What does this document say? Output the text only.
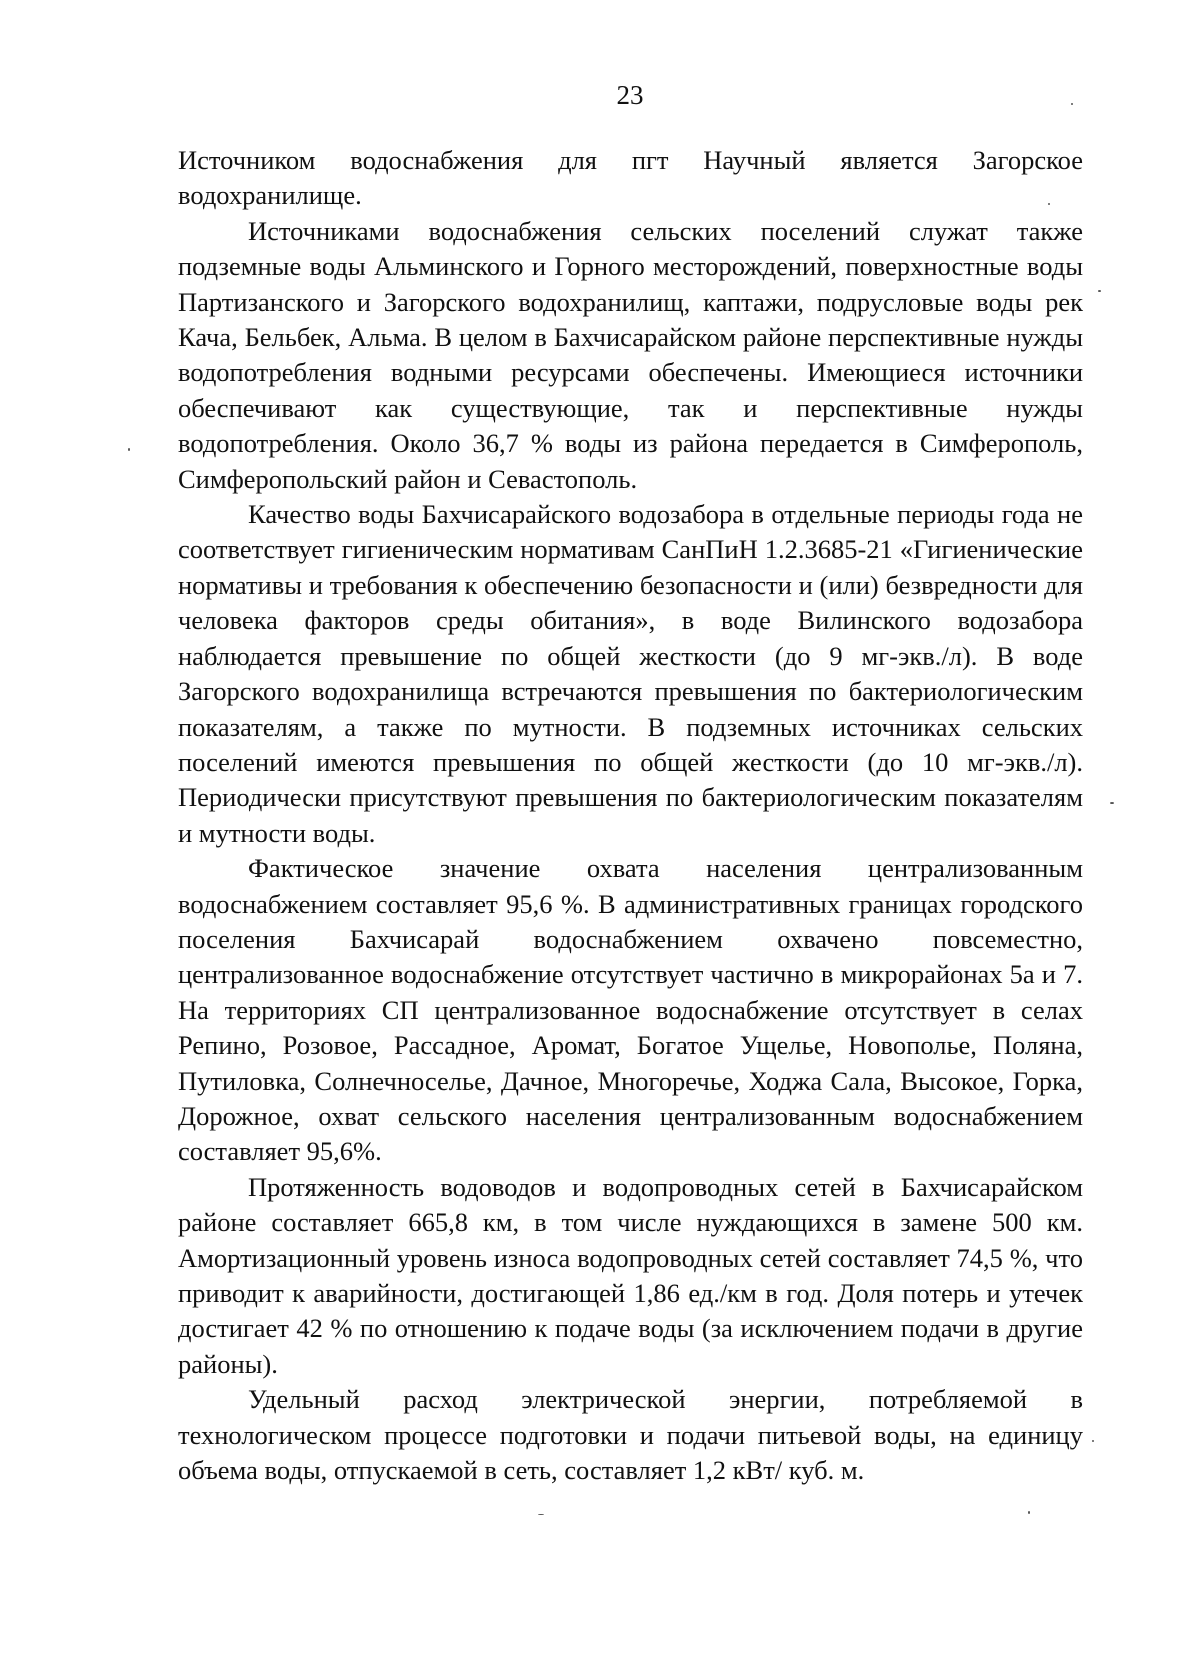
23

Источником водоснабжения для пгт Научный является Загорское водохранилище.

Источниками водоснабжения сельских поселений служат также подземные воды Альминского и Горного месторождений, поверхностные воды Партизанского и Загорского водохранилищ, каптажи, подрусловые воды рек Кача, Бельбек, Альма. В целом в Бахчисарайском районе перспективные нужды водопотребления водными ресурсами обеспечены. Имеющиеся источники обеспечивают как существующие, так и перспективные нужды водопотребления. Около 36,7 % воды из района передается в Симферополь, Симферопольский район и Севастополь.

Качество воды Бахчисарайского водозабора в отдельные периоды года не соответствует гигиеническим нормативам СанПиН 1.2.3685-21 «Гигиенические нормативы и требования к обеспечению безопасности и (или) безвредности для человека факторов среды обитания», в воде Вилинского водозабора наблюдается превышение по общей жесткости (до 9 мг-экв./л). В воде Загорского водохранилища встречаются превышения по бактериологическим показателям, а также по мутности. В подземных источниках сельских поселений имеются превышения по общей жесткости (до 10 мг-экв./л). Периодически присутствуют превышения по бактериологическим показателям и мутности воды.

Фактическое значение охвата населения централизованным водоснабжением составляет 95,6 %. В административных границах городского поселения Бахчисарай водоснабжением охвачено повсеместно, централизованное водоснабжение отсутствует частично в микрорайонах 5а и 7. На территориях СП централизованное водоснабжение отсутствует в селах Репино, Розовое, Рассадное, Аромат, Богатое Ущелье, Новополье, Поляна, Путиловка, Солнечноселье, Дачное, Многоречье, Ходжа Сала, Высокое, Горка, Дорожное, охват сельского населения централизованным водоснабжением составляет 95,6%.

Протяженность водоводов и водопроводных сетей в Бахчисарайском районе составляет 665,8 км, в том числе нуждающихся в замене 500 км. Амортизационный уровень износа водопроводных сетей составляет 74,5 %, что приводит к аварийности, достигающей 1,86 ед./км в год. Доля потерь и утечек достигает 42 % по отношению к подаче воды (за исключением подачи в другие районы).

Удельный расход электрической энергии, потребляемой в технологическом процессе подготовки и подачи питьевой воды, на единицу объема воды, отпускаемой в сеть, составляет 1,2 кВт/ куб. м.
